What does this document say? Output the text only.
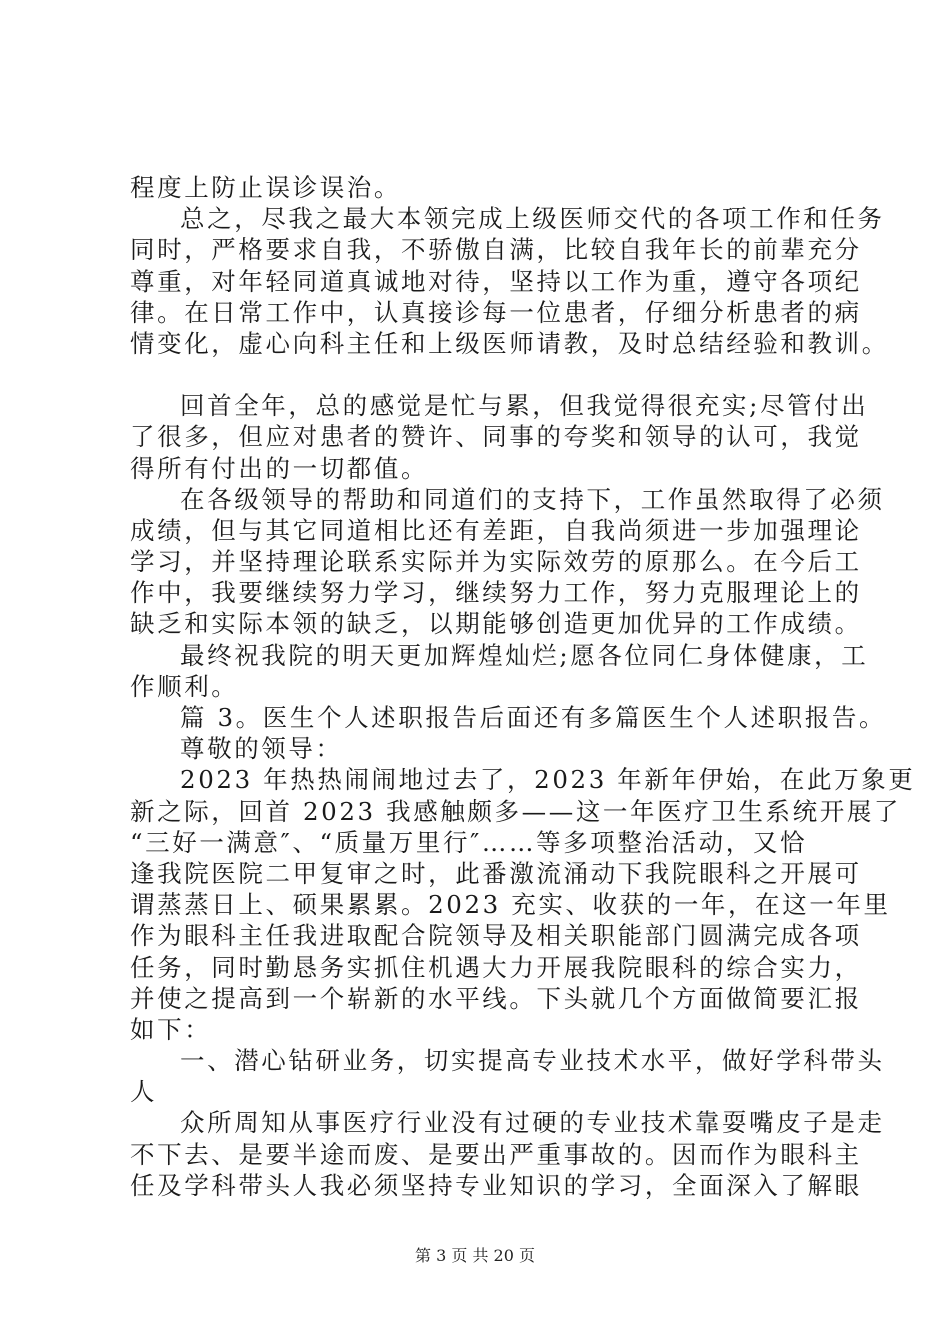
程度上防止误诊误治。
总之，尽我之最大本领完成上级医师交代的各项工作和任务
同时，严格要求自我，不骄傲自满，比较自我年长的前辈充分
尊重，对年轻同道真诚地对待，坚持以工作为重，遵守各项纪
律。在日常工作中，认真接诊每一位患者，仔细分析患者的病
情变化，虚心向科主任和上级医师请教，及时总结经验和教训。
回首全年，总的感觉是忙与累，但我觉得很充实;尽管付出
了很多，但应对患者的赞许、同事的夸奖和领导的认可，我觉
得所有付出的一切都值。
在各级领导的帮助和同道们的支持下，工作虽然取得了必须
成绩，但与其它同道相比还有差距，自我尚须进一步加强理论
学习，并坚持理论联系实际并为实际效劳的原那么。在今后工
作中，我要继续努力学习，继续努力工作，努力克服理论上的
缺乏和实际本领的缺乏，以期能够创造更加优异的工作成绩。
最终祝我院的明天更加辉煌灿烂;愿各位同仁身体健康，工
作顺利。
篇 3。医生个人述职报告后面还有多篇医生个人述职报告。
尊敬的领导：
2023 年热热闹闹地过去了，2023 年新年伊始，在此万象更
新之际，回首 2023 我感触颇多——这一年医疗卫生系统开展了
“三好一满意″、“质量万里行″……等多项整治活动，又恰
逢我院医院二甲复审之时，此番激流涌动下我院眼科之开展可
谓蒸蒸日上、硕果累累。2023 充实、收获的一年，在这一年里
作为眼科主任我进取配合院领导及相关职能部门圆满完成各项
任务，同时勤恳务实抓住机遇大力开展我院眼科的综合实力，
并使之提高到一个崭新的水平线。下头就几个方面做简要汇报
如下：
一、潜心钻研业务，切实提高专业技术水平，做好学科带头
人
众所周知从事医疗行业没有过硬的专业技术靠耍嘴皮子是走
不下去、是要半途而废、是要出严重事故的。因而作为眼科主
任及学科带头人我必须坚持专业知识的学习，全面深入了解眼
第 3 页 共 20 页
